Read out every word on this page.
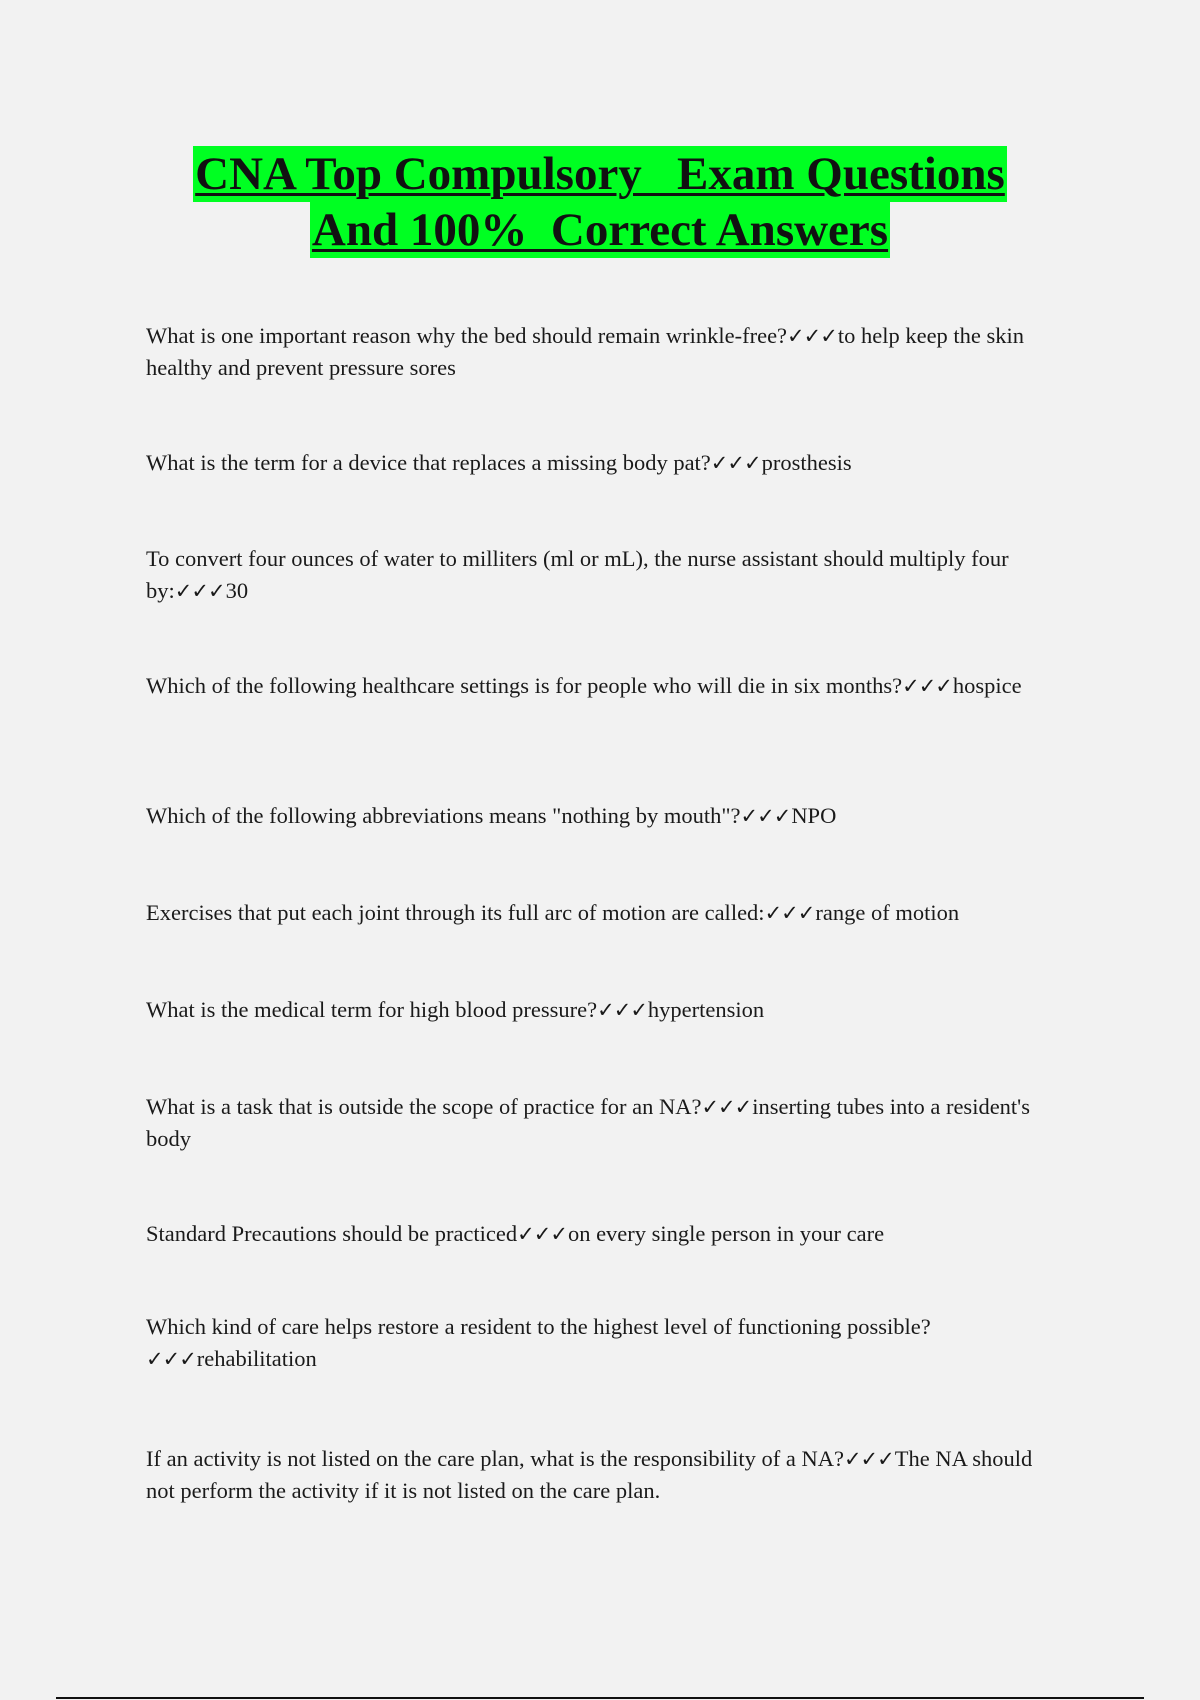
CNA Top Compulsory   Exam Questions
And 100%  Correct Answers
What is one important reason why the bed should remain wrinkle-free?✓✓✓to help keep the skin healthy and prevent pressure sores
What is the term for a device that replaces a missing body pat?✓✓✓prosthesis
To convert four ounces of water to milliters (ml or mL), the nurse assistant should multiply four by:✓✓✓30
Which of the following healthcare settings is for people who will die in six months?✓✓✓hospice
Which of the following abbreviations means "nothing by mouth"?✓✓✓NPO
Exercises that put each joint through its full arc of motion are called:✓✓✓range of motion
What is the medical term for high blood pressure?✓✓✓hypertension
What is a task that is outside the scope of practice for an NA?✓✓✓inserting tubes into a resident's body
Standard Precautions should be practiced✓✓✓on every single person in your care
Which kind of care helps restore a resident to the highest level of functioning possible?✓✓✓rehabilitation
If an activity is not listed on the care plan, what is the responsibility of a NA?✓✓✓The NA should not perform the activity if it is not listed on the care plan.
